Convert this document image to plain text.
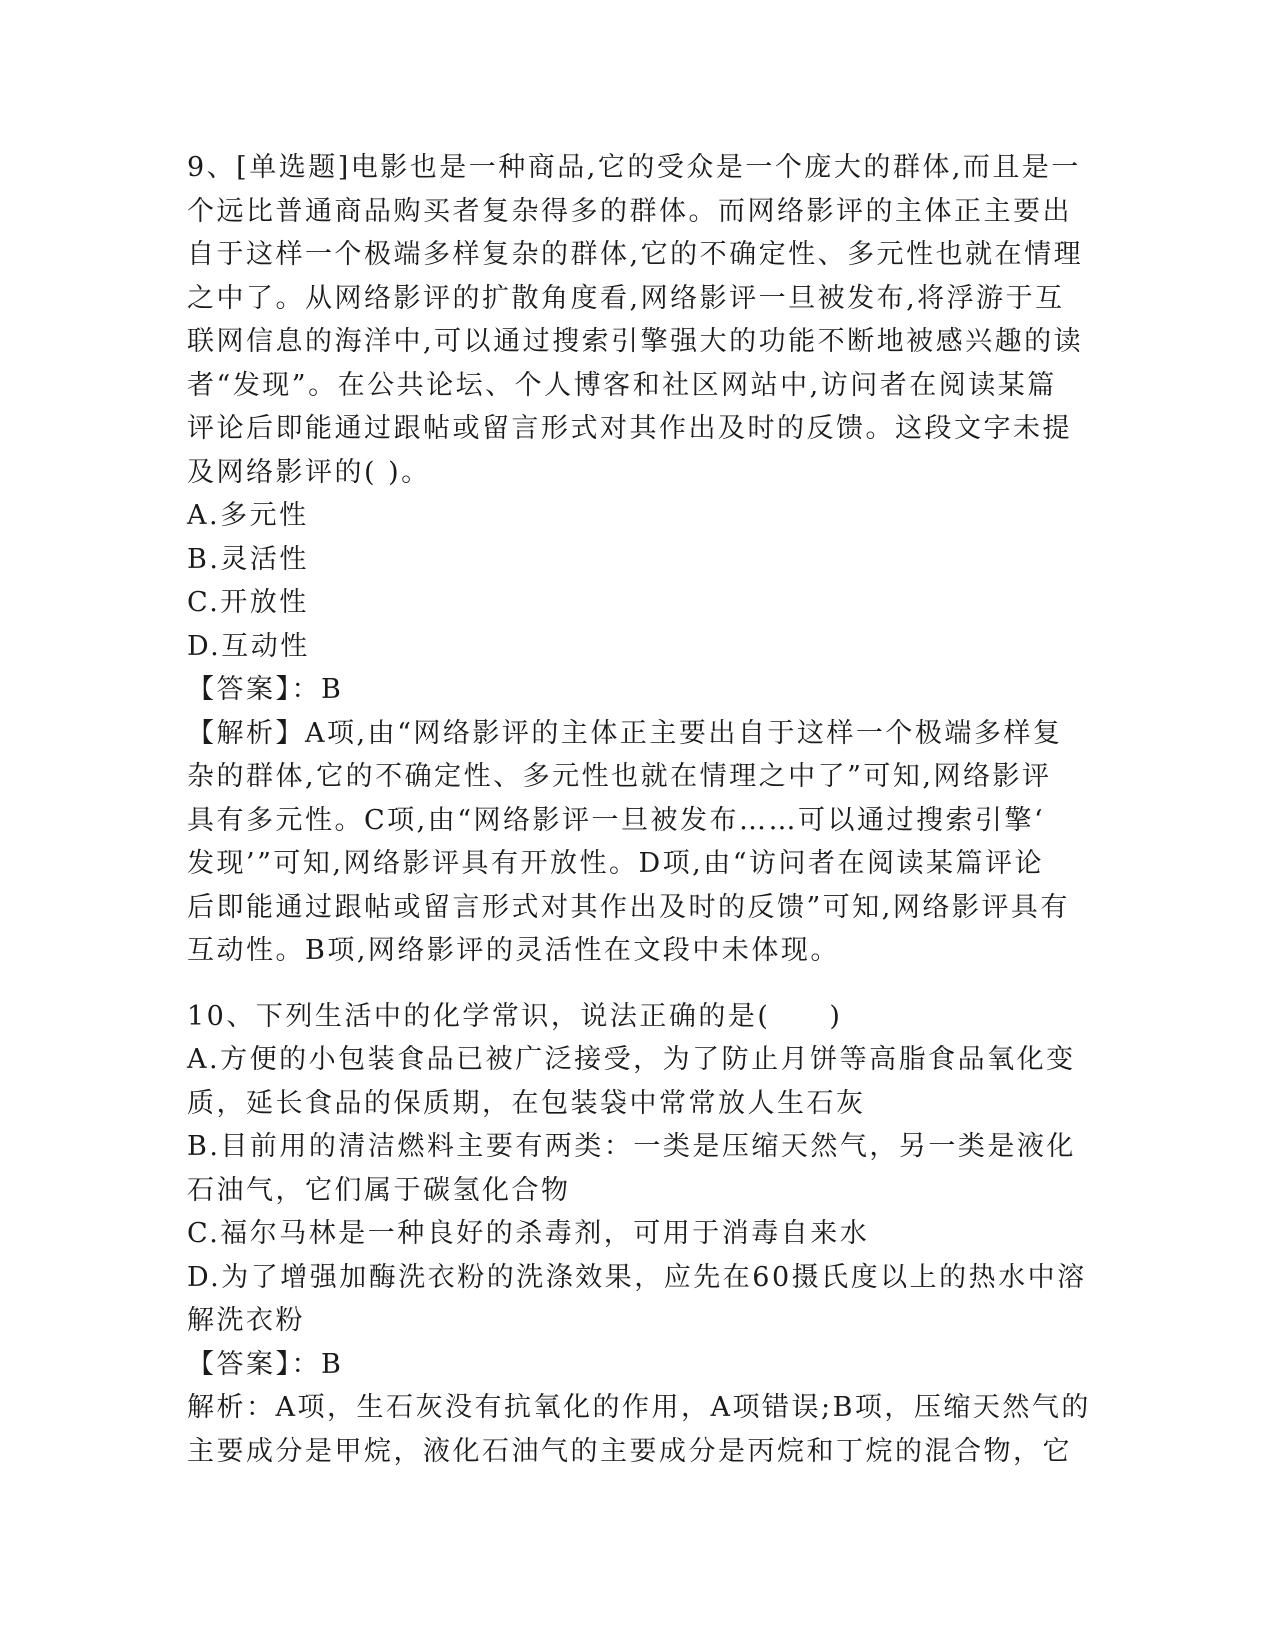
9、[单选题]电影也是一种商品,它的受众是一个庞大的群体,而且是一
个远比普通商品购买者复杂得多的群体。而网络影评的主体正主要出
自于这样一个极端多样复杂的群体,它的不确定性、多元性也就在情理
之中了。从网络影评的扩散角度看,网络影评一旦被发布,将浮游于互
联网信息的海洋中,可以通过搜索引擎强大的功能不断地被感兴趣的读
者“发现”。在公共论坛、个人博客和社区网站中,访问者在阅读某篇
评论后即能通过跟帖或留言形式对其作出及时的反馈。这段文字未提
及网络影评的( )。
A.多元性
B.灵活性
C.开放性
D.互动性
【答案】：B
【解析】A项,由“网络影评的主体正主要出自于这样一个极端多样复
杂的群体,它的不确定性、多元性也就在情理之中了”可知,网络影评
具有多元性。C项,由“网络影评一旦被发布……可以通过搜索引擎‘
发现’”可知,网络影评具有开放性。D项,由“访问者在阅读某篇评论
后即能通过跟帖或留言形式对其作出及时的反馈”可知,网络影评具有
互动性。B项,网络影评的灵活性在文段中未体现。
10、下列生活中的化学常识，说法正确的是(　　)
A.方便的小包装食品已被广泛接受，为了防止月饼等高脂食品氧化变
质，延长食品的保质期，在包装袋中常常放人生石灰
B.目前用的清洁燃料主要有两类：一类是压缩天然气，另一类是液化
石油气，它们属于碳氢化合物
C.福尔马林是一种良好的杀毒剂，可用于消毒自来水
D.为了增强加酶洗衣粉的洗涤效果，应先在60摄氏度以上的热水中溶
解洗衣粉
【答案】：B
解析：A项，生石灰没有抗氧化的作用，A项错误;B项，压缩天然气的
主要成分是甲烷，液化石油气的主要成分是丙烷和丁烷的混合物，它
